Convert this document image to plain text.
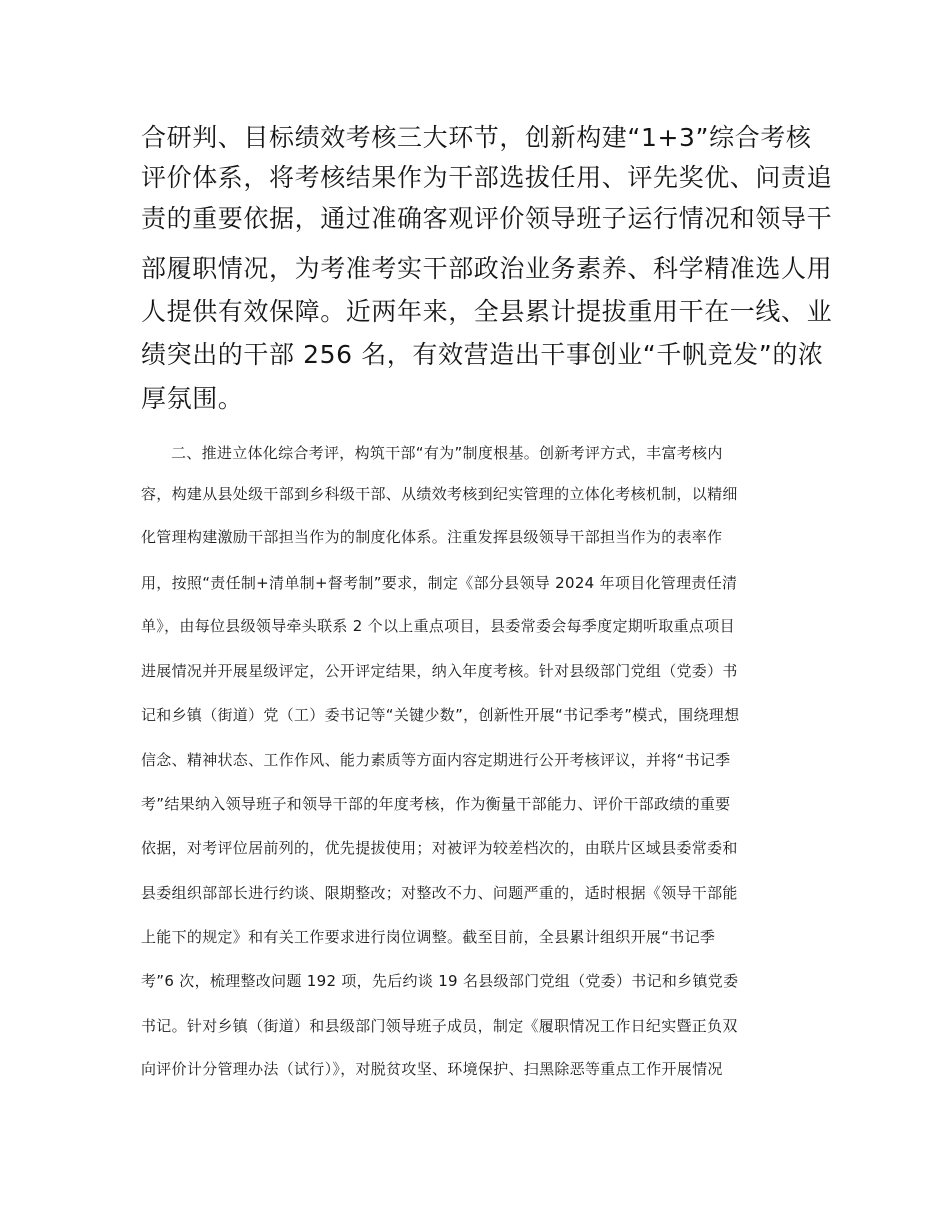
合研判、目标绩效考核三大环节，创新构建“1+3”综合考核
评价体系，将考核结果作为干部选拔任用、评先奖优、问责追
责的重要依据，通过准确客观评价领导班子运行情况和领导干
部履职情况，为考准考实干部政治业务素养、科学精准选人用
人提供有效保障。近两年来，全县累计提拔重用干在一线、业
绩突出的干部 256 名，有效营造出干事创业“千帆竞发”的浓
厚氛围。
二、推进立体化综合考评，构筑干部“有为”制度根基。创新考评方式，丰富考核内
容，构建从县处级干部到乡科级干部、从绩效考核到纪实管理的立体化考核机制，以精细
化管理构建激励干部担当作为的制度化体系。注重发挥县级领导干部担当作为的表率作
用，按照“责任制+清单制+督考制”要求，制定《部分县领导 2024 年项目化管理责任清
单》，由每位县级领导牵头联系 2 个以上重点项目，县委常委会每季度定期听取重点项目
进展情况并开展星级评定，公开评定结果，纳入年度考核。针对县级部门党组（党委）书
记和乡镇（街道）党（工）委书记等“关键少数”，创新性开展“书记季考”模式，围绕理想
信念、精神状态、工作作风、能力素质等方面内容定期进行公开考核评议，并将“书记季
考”结果纳入领导班子和领导干部的年度考核，作为衡量干部能力、评价干部政绩的重要
依据，对考评位居前列的，优先提拔使用；对被评为较差档次的，由联片区域县委常委和
县委组织部部长进行约谈、限期整改；对整改不力、问题严重的，适时根据《领导干部能
上能下的规定》和有关工作要求进行岗位调整。截至目前，全县累计组织开展“书记季
考”6 次，梳理整改问题 192 项，先后约谈 19 名县级部门党组（党委）书记和乡镇党委
书记。针对乡镇（街道）和县级部门领导班子成员，制定《履职情况工作日纪实暨正负双
向评价计分管理办法（试行）》，对脱贫攻坚、环境保护、扫黑除恶等重点工作开展情况
